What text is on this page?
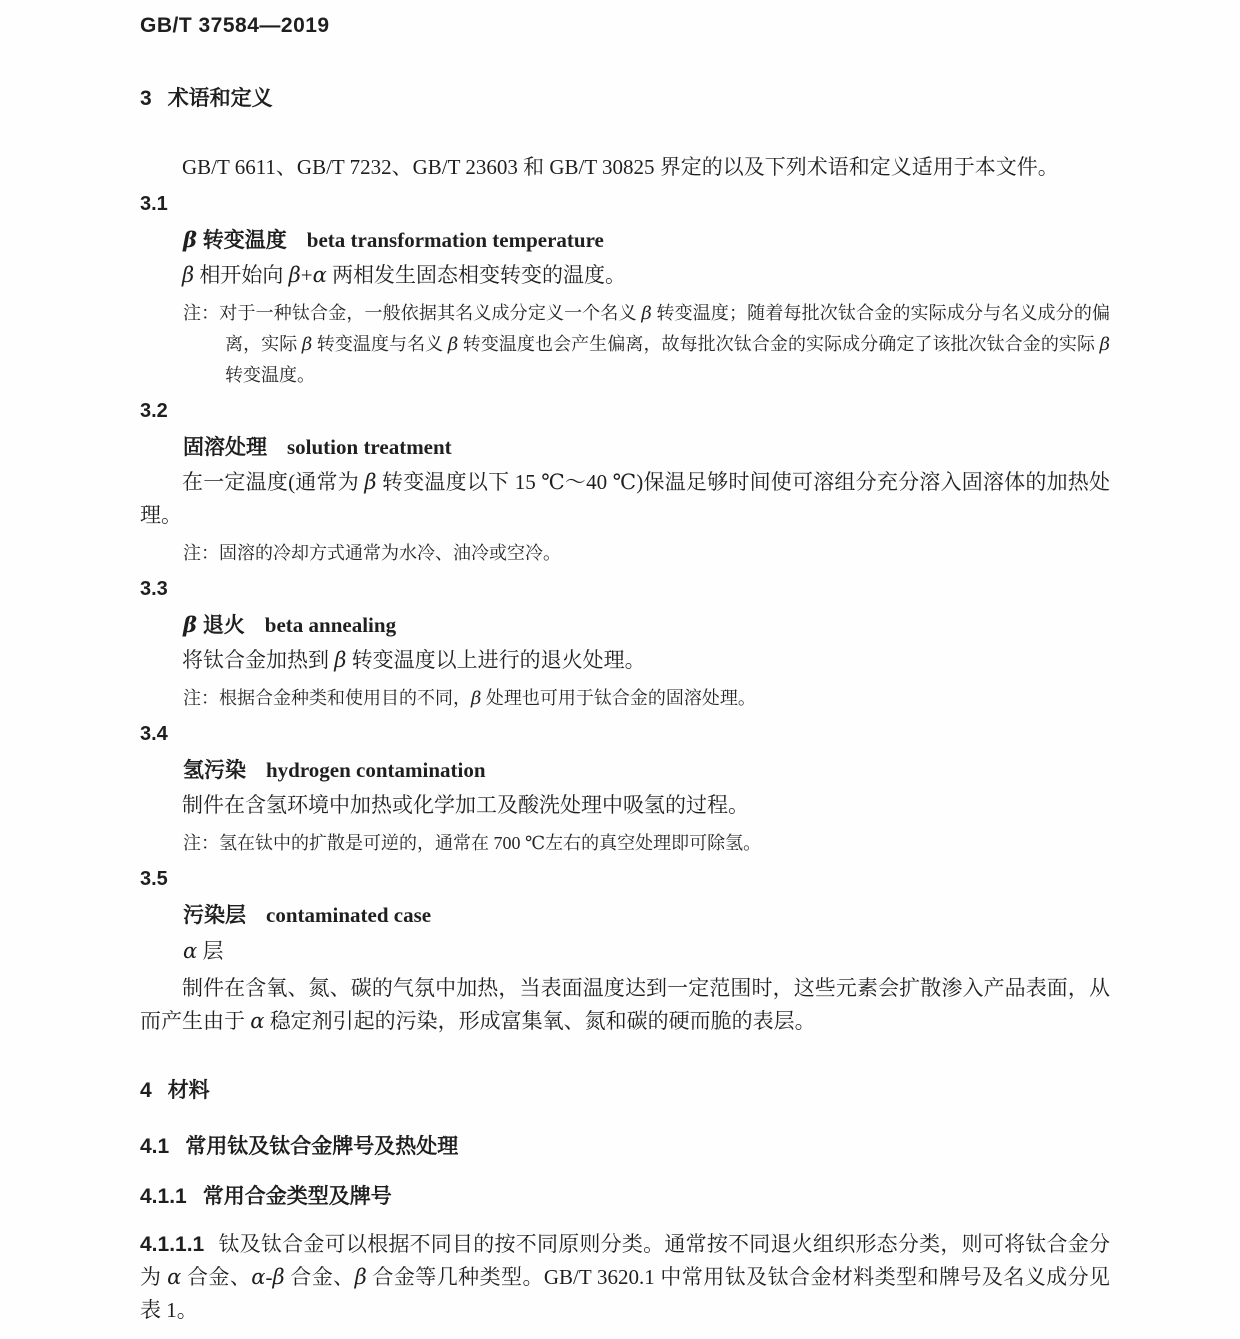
GB/T 37584—2019
3 术语和定义
GB/T 6611、GB/T 7232、GB/T 23603 和 GB/T 30825 界定的以及下列术语和定义适用于本文件。
3.1
β 转变温度 beta transformation temperature
β 相开始向 β+α 两相发生固态相变转变的温度。
注：对于一种钛合金，一般依据其名义成分定义一个名义 β 转变温度；随着每批次钛合金的实际成分与名义成分的偏离，实际 β 转变温度与名义 β 转变温度也会产生偏离，故每批次钛合金的实际成分确定了该批次钛合金的实际 β 转变温度。
3.2
固溶处理 solution treatment
在一定温度(通常为 β 转变温度以下 15 ℃～40 ℃)保温足够时间使可溶组分充分溶入固溶体的加热处理。
注：固溶的冷却方式通常为水冷、油冷或空冷。
3.3
β 退火 beta annealing
将钛合金加热到 β 转变温度以上进行的退火处理。
注：根据合金种类和使用目的不同，β 处理也可用于钛合金的固溶处理。
3.4
氢污染 hydrogen contamination
制件在含氢环境中加热或化学加工及酸洗处理中吸氢的过程。
注：氢在钛中的扩散是可逆的，通常在 700 ℃左右的真空处理即可除氢。
3.5
污染层 contaminated case
α 层
制件在含氧、氮、碳的气氛中加热，当表面温度达到一定范围时，这些元素会扩散渗入产品表面，从而产生由于 α 稳定剂引起的污染，形成富集氧、氮和碳的硬而脆的表层。
4 材料
4.1 常用钛及钛合金牌号及热处理
4.1.1 常用合金类型及牌号
4.1.1.1 钛及钛合金可以根据不同目的按不同原则分类。通常按不同退火组织形态分类，则可将钛合金分为 α 合金、α-β 合金、β 合金等几种类型。GB/T 3620.1 中常用钛及钛合金材料类型和牌号及名义成分见表 1。
